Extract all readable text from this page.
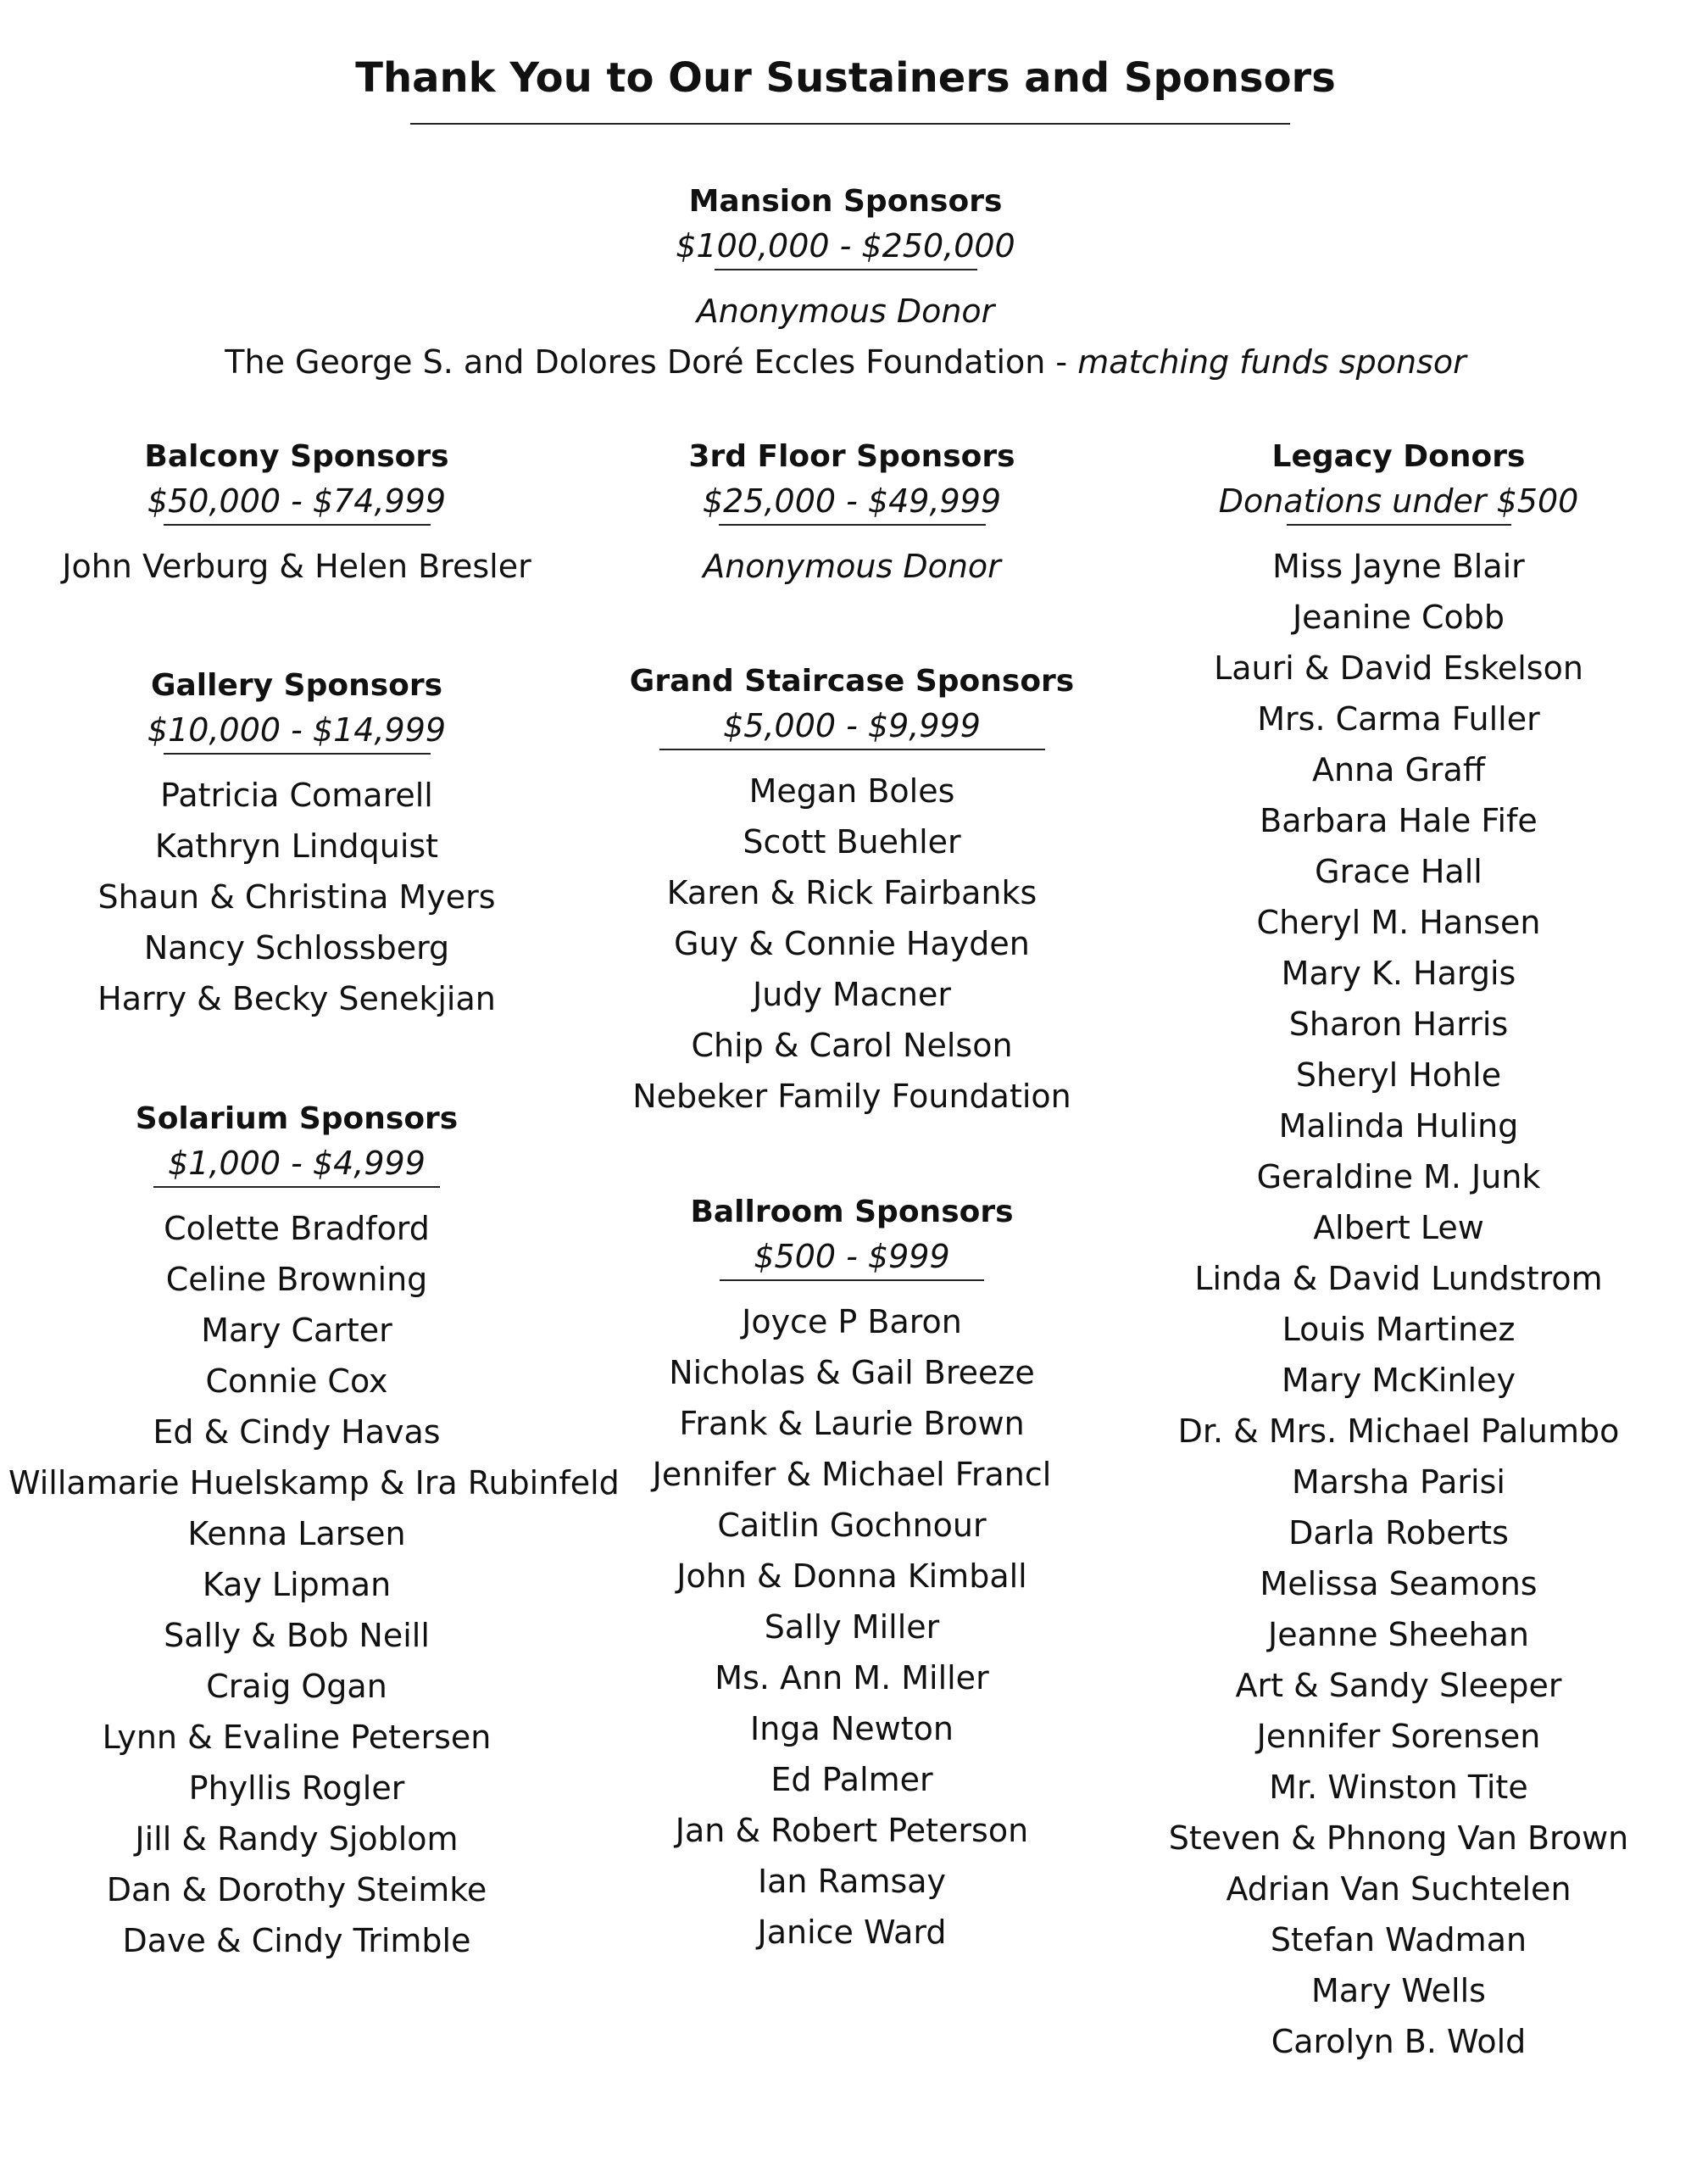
Thank You to Our Sustainers and Sponsors
Mansion Sponsors
$100,000 - $250,000
Anonymous Donor
The George S. and Dolores Doré Eccles Foundation - matching funds sponsor
Balcony Sponsors
$50,000 - $74,999
John Verburg & Helen Bresler
3rd Floor Sponsors
$25,000 - $49,999
Anonymous Donor
Legacy Donors
Donations under $500
Miss Jayne Blair
Jeanine Cobb
Lauri & David Eskelson
Mrs. Carma Fuller
Anna Graff
Barbara Hale Fife
Grace Hall
Cheryl M. Hansen
Mary K. Hargis
Sharon Harris
Sheryl Hohle
Malinda Huling
Geraldine M. Junk
Albert Lew
Linda & David Lundstrom
Louis Martinez
Mary McKinley
Dr. & Mrs. Michael Palumbo
Marsha Parisi
Darla Roberts
Melissa Seamons
Jeanne Sheehan
Art & Sandy Sleeper
Jennifer Sorensen
Mr. Winston Tite
Steven & Phnong Van Brown
Adrian Van Suchtelen
Stefan Wadman
Mary Wells
Carolyn B. Wold
Gallery Sponsors
$10,000 - $14,999
Patricia Comarell
Kathryn Lindquist
Shaun & Christina Myers
Nancy Schlossberg
Harry & Becky Senekjian
Grand Staircase Sponsors
$5,000 - $9,999
Megan Boles
Scott Buehler
Karen & Rick Fairbanks
Guy & Connie Hayden
Judy Macner
Chip & Carol Nelson
Nebeker Family Foundation
Solarium Sponsors
$1,000 - $4,999
Colette Bradford
Celine Browning
Mary Carter
Connie Cox
Ed & Cindy Havas
Willamarie Huelskamp & Ira Rubinfeld
Kenna Larsen
Kay Lipman
Sally & Bob Neill
Craig Ogan
Lynn & Evaline Petersen
Phyllis Rogler
Jill & Randy Sjoblom
Dan & Dorothy Steimke
Dave & Cindy Trimble
Ballroom Sponsors
$500 - $999
Joyce P Baron
Nicholas & Gail Breeze
Frank & Laurie Brown
Jennifer & Michael Francl
Caitlin Gochnour
John & Donna Kimball
Sally Miller
Ms. Ann M. Miller
Inga Newton
Ed Palmer
Jan & Robert Peterson
Ian Ramsay
Janice Ward
